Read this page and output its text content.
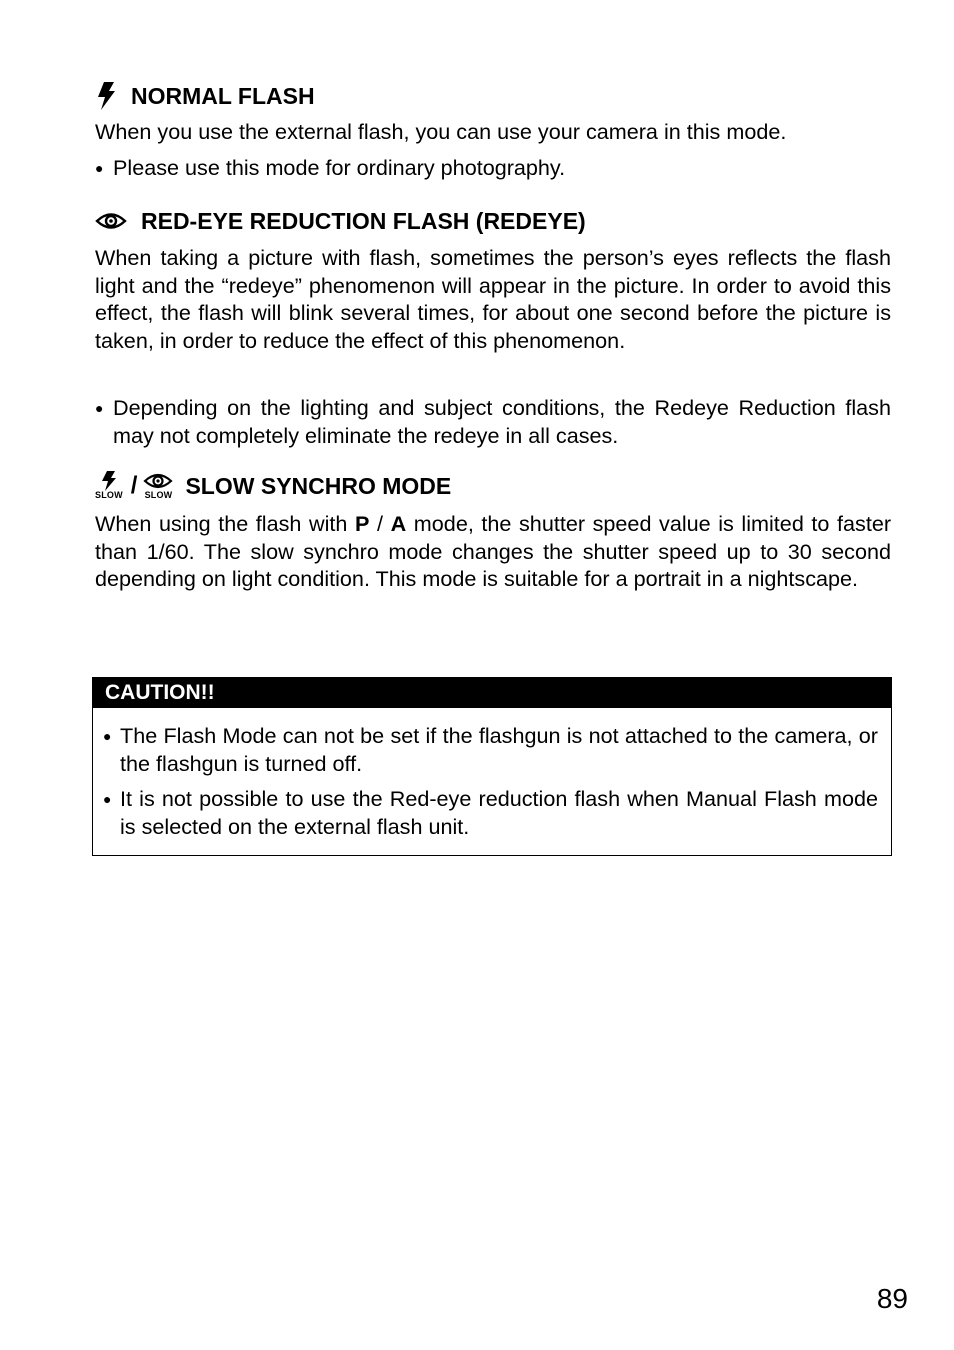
NORMAL FLASH

When you use the external flash, you can use your camera in this mode.

● Please use this mode for ordinary photography.
RED-EYE REDUCTION FLASH (REDEYE)

When taking a picture with flash, sometimes the person’s eyes reflects the flash light and the “redeye” phenomenon will appear in the picture. In order to avoid this effect, the flash will blink several times, for about one second before the picture is taken, in order to reduce the effect of this phenomenon.

● Depending on the lighting and subject conditions, the Redeye Reduction flash may not completely eliminate the redeye in all cases.
SLOW / SLOW SLOW SYNCHRO MODE

When using the flash with P / A mode, the shutter speed value is limited to faster than 1/60. The slow synchro mode changes the shutter speed up to 30 second depending on light condition. This mode is suitable for a portrait in a nightscape.

CAUTION!!
● The Flash Mode can not be set if the flashgun is not attached to the camera, or the flashgun is turned off.
● It is not possible to use the Red-eye reduction flash when Manual Flash mode is selected on the external flash unit.
89
